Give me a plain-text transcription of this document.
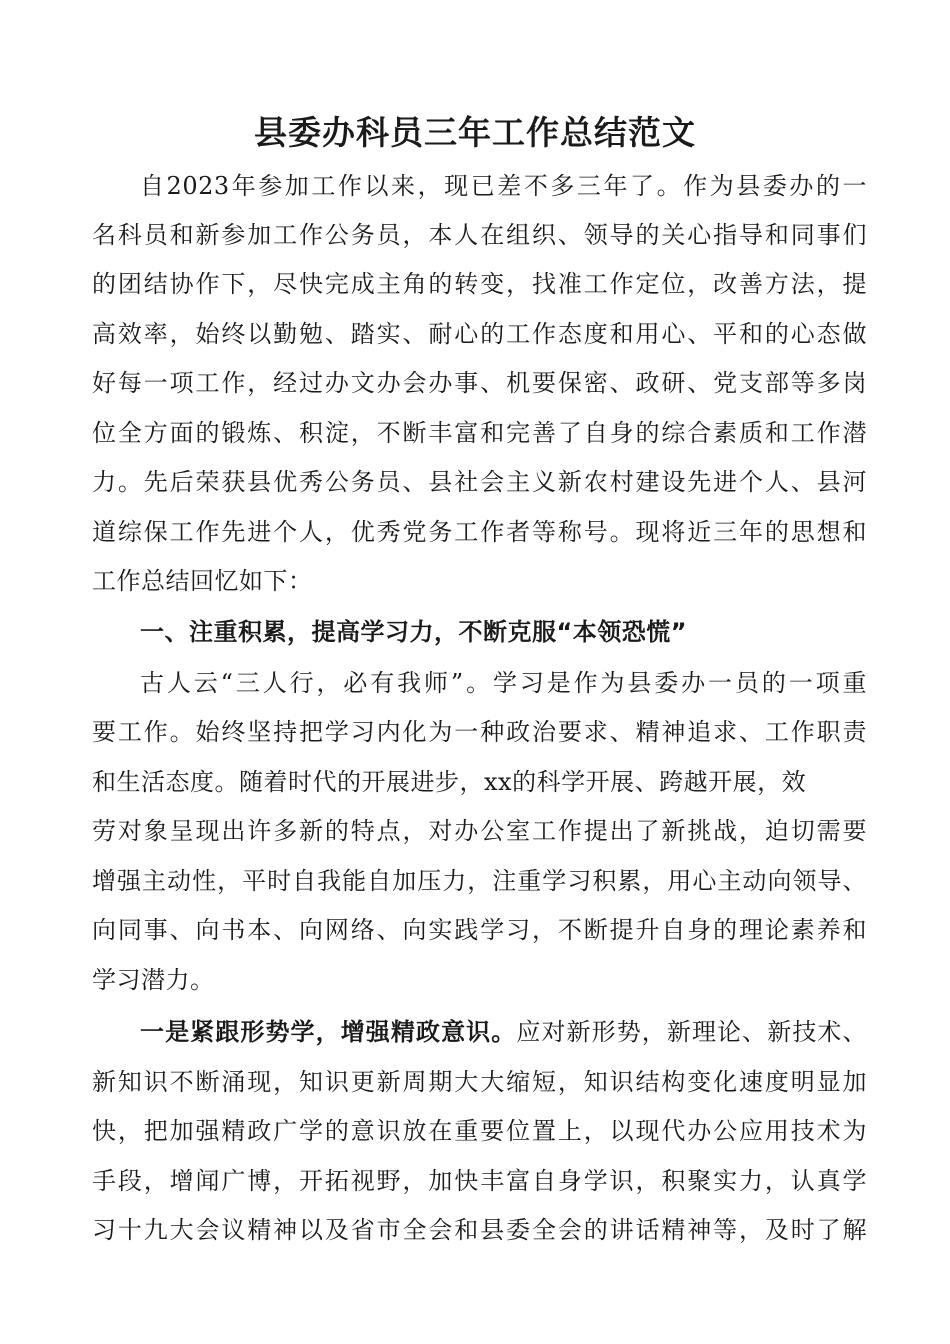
县委办科员三年工作总结范文
自2023年参加工作以来，现已差不多三年了。作为县委办的一
名科员和新参加工作公务员，本人在组织、领导的关心指导和同事们
的团结协作下，尽快完成主角的转变，找准工作定位，改善方法，提
高效率，始终以勤勉、踏实、耐心的工作态度和用心、平和的心态做
好每一项工作，经过办文办会办事、机要保密、政研、党支部等多岗
位全方面的锻炼、积淀，不断丰富和完善了自身的综合素质和工作潜
力。先后荣获县优秀公务员、县社会主义新农村建设先进个人、县河
道综保工作先进个人，优秀党务工作者等称号。现将近三年的思想和
工作总结回忆如下：
一、注重积累，提高学习力，不断克服“本领恐慌”
古人云“三人行，必有我师”。学习是作为县委办一员的一项重
要工作。始终坚持把学习内化为一种政治要求、精神追求、工作职责
和生活态度。随着时代的开展进步，xx的科学开展、跨越开展，效
劳对象呈现出许多新的特点，对办公室工作提出了新挑战，迫切需要
增强主动性，平时自我能自加压力，注重学习积累，用心主动向领导、
向同事、向书本、向网络、向实践学习，不断提升自身的理论素养和
学习潜力。
一是紧跟形势学，增强精政意识。应对新形势，新理论、新技术、
新知识不断涌现，知识更新周期大大缩短，知识结构变化速度明显加
快，把加强精政广学的意识放在重要位置上，以现代办公应用技术为
手段，增闻广博，开拓视野，加快丰富自身学识，积聚实力，认真学
习十九大会议精神以及省市全会和县委全会的讲话精神等，及时了解
